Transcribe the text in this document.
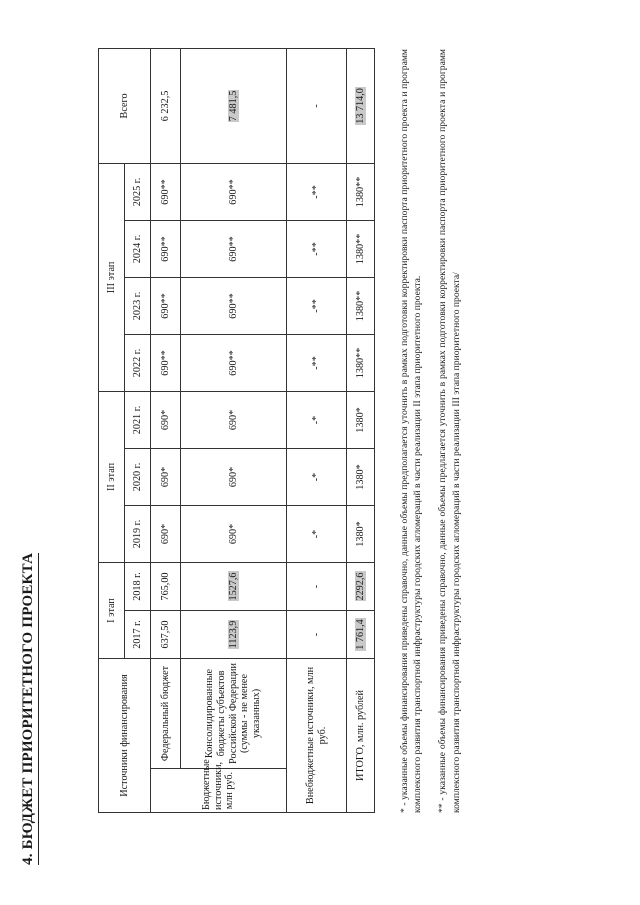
4. БЮДЖЕТ ПРИОРИТЕТНОГО ПРОЕКТА	Источники финансирования		I этап		II этап			III этап				Всего
		2017 г.	2018 г.	2019 г.	2020 г.	2021 г.	2022 г.	2023 г.	2024 г.	2025 г.	
Бюджетные источники, млн руб.	Федеральный бюджет	637,50	765,00	690*	690*	690*	690**	690**	690**	690**	6 232,5
	Консолидированные бюджеты субъектов Российской Федерации (суммы - не менее указанных)	1123,9	1527,6	690*	690*	690*	690**	690**	690**	690**	7 481,5
Внебюджетные источники, млн руб.		-	-	-*	-*	-*	-**	-**	-**	-**	-
ИТОГО, млн. рублей		1 761,4	2292,6	1380*	1380*	1380*	1380**	1380**	1380**	1380**	13 714,0	* - указанные объемы финансирования приведены справочно, данные объемы предполагается уточнить в рамках подготовки корректировки паспорта приоритетного проекта и программ комплексного развития транспортной инфраструктуры городских агломераций в части реализации II этапа приоритетного проекта. ** - указанные объемы финансирования приведены справочно, данные объемы предлагается уточнить в рамках подготовки корректировки паспорта приоритетного проекта и программ комплексного развития транспортной инфраструктуры городских агломераций в части реализации III этапа приоритетного проекта/
